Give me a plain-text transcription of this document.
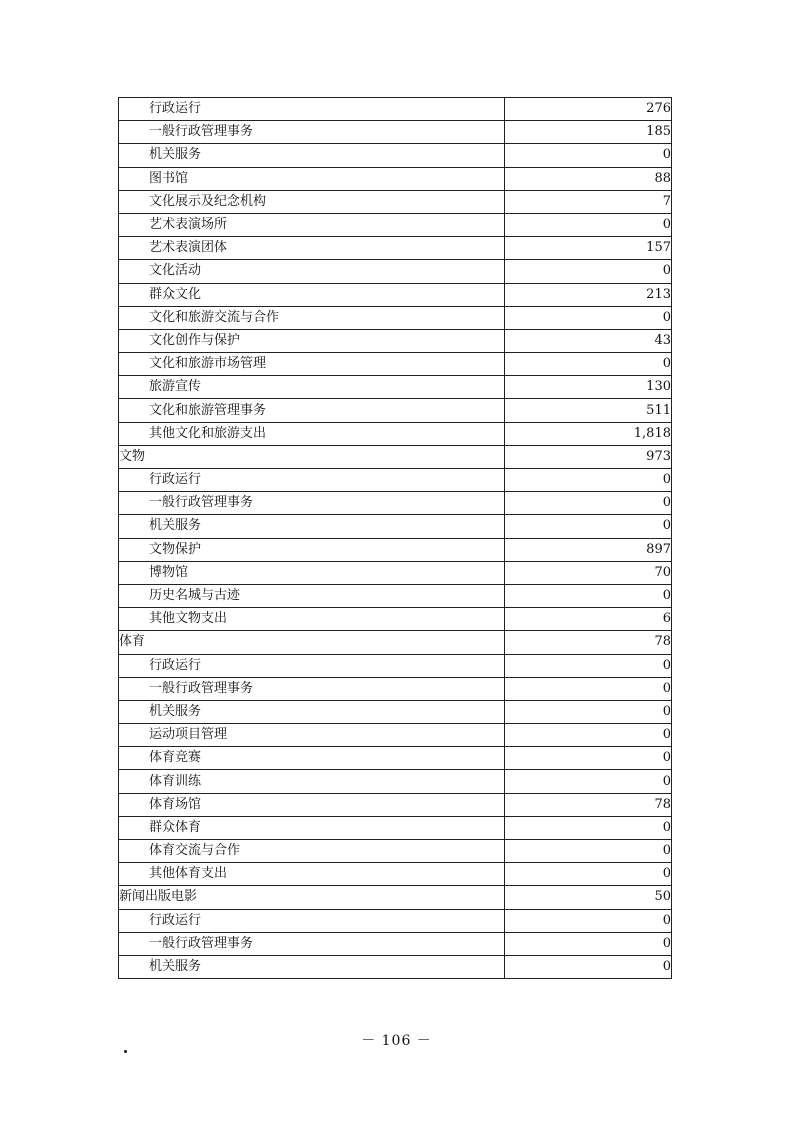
行政运行	276
一般行政管理事务	185
机关服务	0
图书馆	88
文化展示及纪念机构	7
艺术表演场所	0
艺术表演团体	157
文化活动	0
群众文化	213
文化和旅游交流与合作	0
文化创作与保护	43
文化和旅游市场管理	0
旅游宣传	130
文化和旅游管理事务	511
其他文化和旅游支出	1,818
文物	973
行政运行	0
一般行政管理事务	0
机关服务	0
文物保护	897
博物馆	70
历史名城与古迹	0
其他文物支出	6
体育	78
行政运行	0
一般行政管理事务	0
机关服务	0
运动项目管理	0
体育竞赛	0
体育训练	0
体育场馆	78
群众体育	0
体育交流与合作	0
其他体育支出	0
新闻出版电影	50
行政运行	0
一般行政管理事务	0
机关服务	0
－ 106 －
